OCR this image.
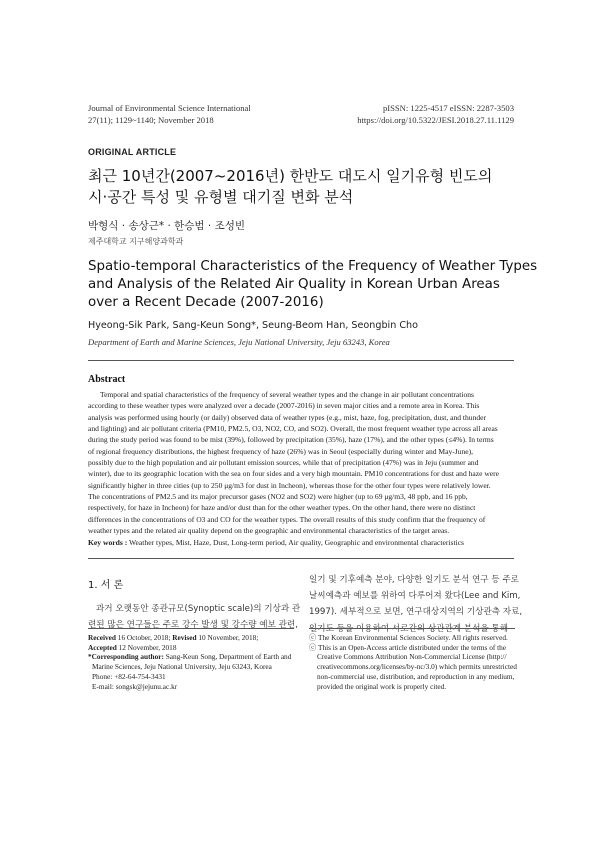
Journal of Environmental Science International
27(11); 1129~1140; November 2018
pISSN: 1225-4517 eISSN: 2287-3503
https://doi.org/10.5322/JESI.2018.27.11.1129
ORIGINAL ARTICLE
최근 10년간(2007~2016년) 한반도 대도시 일기유형 빈도의
시·공간 특성 및 유형별 대기질 변화 분석
박형식 · 송상근* · 한승범 · 조성빈
제주대학교 지구해양과학과
Spatio-temporal Characteristics of the Frequency of Weather Types
and Analysis of the Related Air Quality in Korean Urban Areas
over a Recent Decade (2007-2016)
Hyeong-Sik Park, Sang-Keun Song*, Seung-Beom Han, Seongbin Cho
Department of Earth and Marine Sciences, Jeju National University, Jeju 63243, Korea
Abstract
Temporal and spatial characteristics of the frequency of several weather types and the change in air pollutant concentrations
according to these weather types were analyzed over a decade (2007-2016) in seven major cities and a remote area in Korea. This
analysis was performed using hourly (or daily) observed data of weather types (e.g., mist, haze, fog, precipitation, dust, and thunder
and lighting) and air pollutant criteria (PM10, PM2.5, O3, NO2, CO, and SO2). Overall, the most frequent weather type across all areas
during the study period was found to be mist (39%), followed by precipitation (35%), haze (17%), and the other types (≤4%). In terms
of regional frequency distributions, the highest frequency of haze (26%) was in Seoul (especially during winter and May-June),
possibly due to the high population and air pollutant emission sources, while that of precipitation (47%) was in Jeju (summer and
winter), due to its geographic location with the sea on four sides and a very high mountain. PM10 concentrations for dust and haze were
significantly higher in three cities (up to 250 μg/m3 for dust in Incheon), whereas those for the other four types were relatively lower.
The concentrations of PM2.5 and its major precursor gases (NO2 and SO2) were higher (up to 69 μg/m3, 48 ppb, and 16 ppb,
respectively, for haze in Incheon) for haze and/or dust than for the other weather types. On the other hand, there were no distinct
differences in the concentrations of O3 and CO for the weather types. The overall results of this study confirm that the frequency of
weather types and the related air quality depend on the geographic and environmental characteristics of the target areas.
Key words : Weather types, Mist, Haze, Dust, Long-term period, Air quality, Geographic and environmental characteristics
1. 서 론
과거 오랫동안 종관규모(Synoptic scale)의 기상과 관
련된 많은 연구들은 주로 강수 발생 및 강수량 예보 관련,
일기 및 기후예측 분야, 다양한 일기도 분석 연구 등 주로
날씨예측과 예보를 위하여 다루어져 왔다(Lee and Kim,
1997). 세부적으로 보면, 연구대상지역의 기상관측 자료,
일기도 등을 이용하여 서로간의 상관관계 분석을 통해
Received 16 October, 2018; Revised 10 November, 2018;
Accepted 12 November, 2018
*Corresponding author: Sang-Keun Song, Department of Earth and
Marine Sciences, Jeju National University, Jeju 63243, Korea
Phone: +82-64-754-3431
E-mail: songsk@jejunu.ac.kr
ⓒ The Korean Environmental Sciences Society. All rights reserved.
ⓒ This is an Open-Access article distributed under the terms of the
Creative Commons Attribution Non-Commercial License (http://
creativecommons.org/licenses/by-nc/3.0) which permits unrestricted
non-commercial use, distribution, and reproduction in any medium,
provided the original work is properly cited.
